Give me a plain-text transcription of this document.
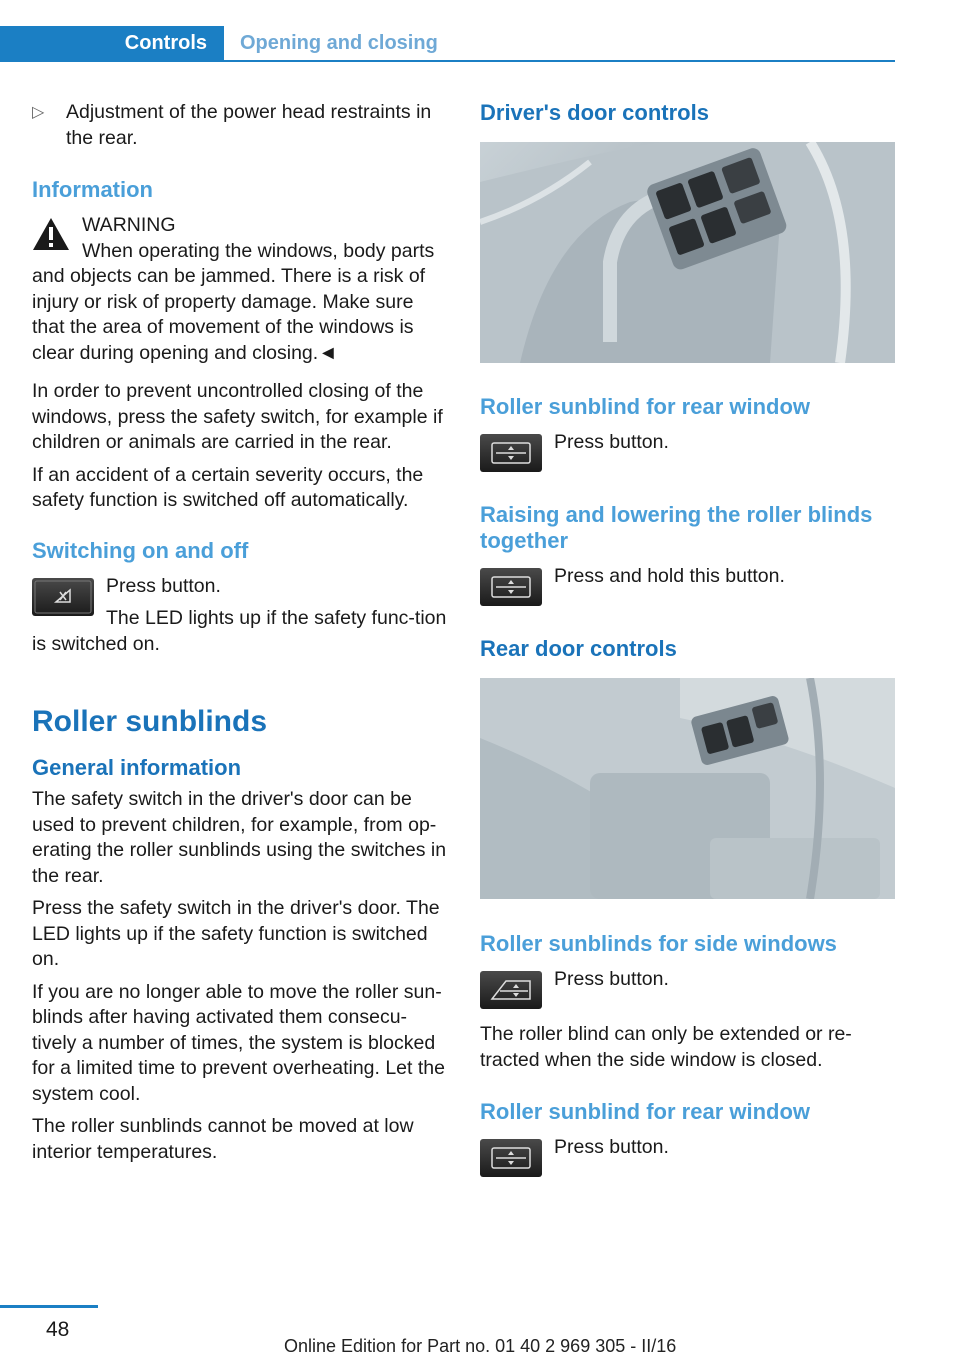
Controls	Opening and closing
▷	Adjustment of the power head restraints in the rear.

Information

WARNING

When operating the windows, body parts and objects can be jammed. There is a risk of injury or risk of property damage. Make sure that the area of movement of the windows is clear during opening and closing.◄

In order to prevent uncontrolled closing of the windows, press the safety switch, for example if children or animals are carried in the rear.

If an accident of a certain severity occurs, the safety function is switched off automatically.

Switching on and off

Press button.

The LED lights up if the safety func‐tion is switched on.

Roller sunblinds
General information

The safety switch in the driver's door can be used to prevent children, for example, from op‐erating the roller sunblinds using the switches in the rear.

Press the safety switch in the driver's door. The LED lights up if the safety function is switched on.

If you are no longer able to move the roller sun‐blinds after having activated them consecu‐tively a number of times, the system is blocked for a limited time to prevent overheating. Let the system cool.

The roller sunblinds cannot be moved at low interior temperatures.

Driver's door controls
Roller sunblind for rear window

Press button.

Raising and lowering the roller blinds together

Press and hold this button.

Rear door controls
Roller sunblinds for side windows

Press button.

The roller blind can only be extended or re‐tracted when the side window is closed.

Roller sunblind for rear window

Press button.

48
Online Edition for Part no. 01 40 2 969 305 - II/16
